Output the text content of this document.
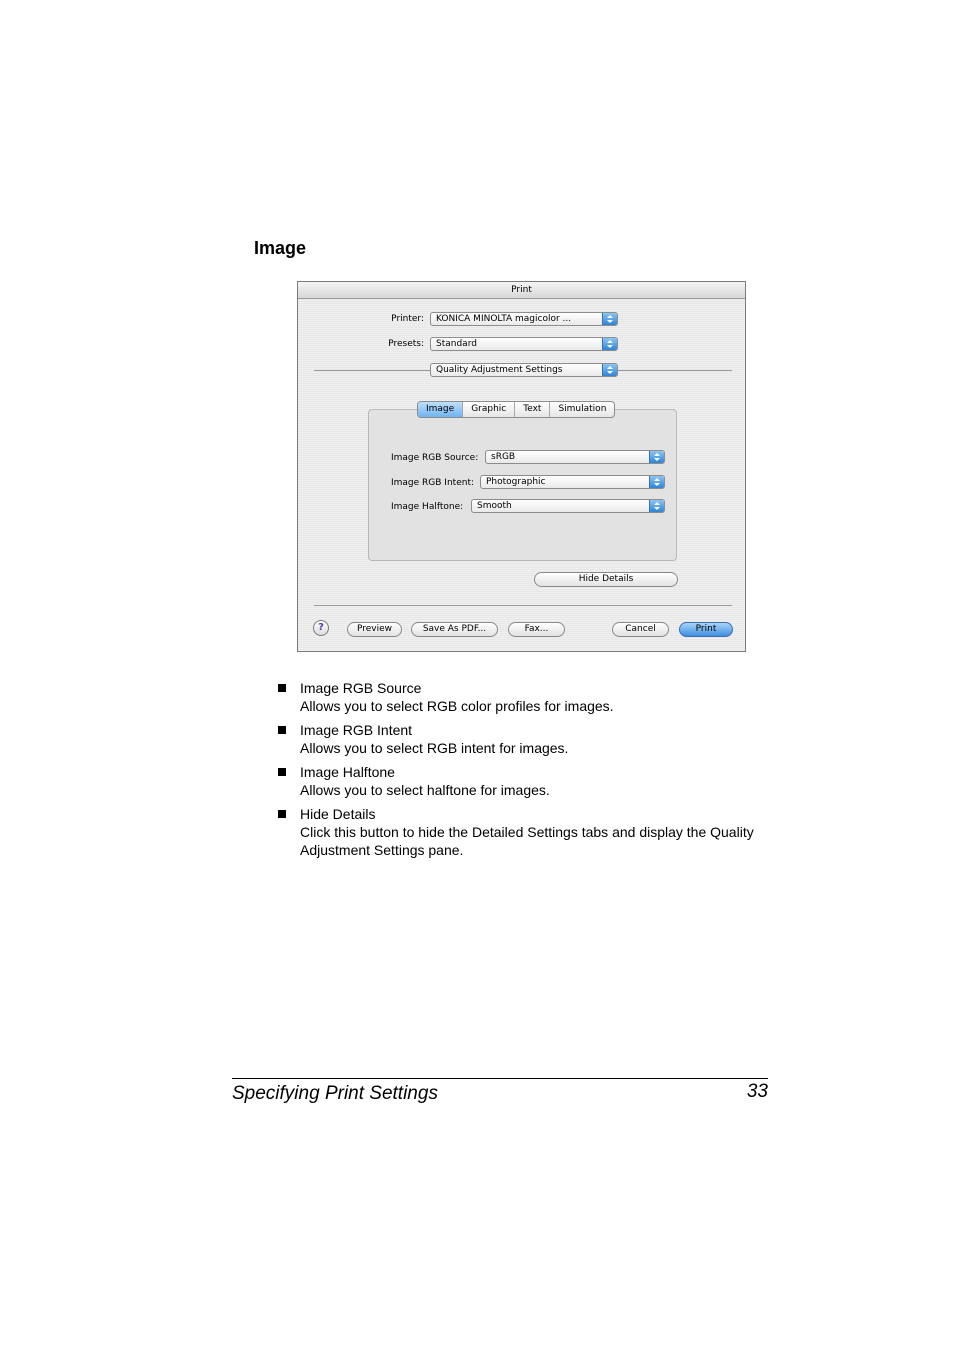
Image
Print
Printer:	KONICA MINOLTA magicolor ...
Presets:	Standard
Quality Adjustment Settings
Image	Graphic	Text	Simulation
Image RGB Source:	sRGB
Image RGB Intent:	Photographic
Image Halftone:	Smooth
Hide Details
?	Preview	Save As PDF...	Fax...	Cancel	Print
Image RGB Source
Allows you to select RGB color profiles for images.
Image RGB Intent
Allows you to select RGB intent for images.
Image Halftone
Allows you to select halftone for images.
Hide Details
Click this button to hide the Detailed Settings tabs and display the Quality Adjustment Settings pane.
Specifying Print Settings	33
